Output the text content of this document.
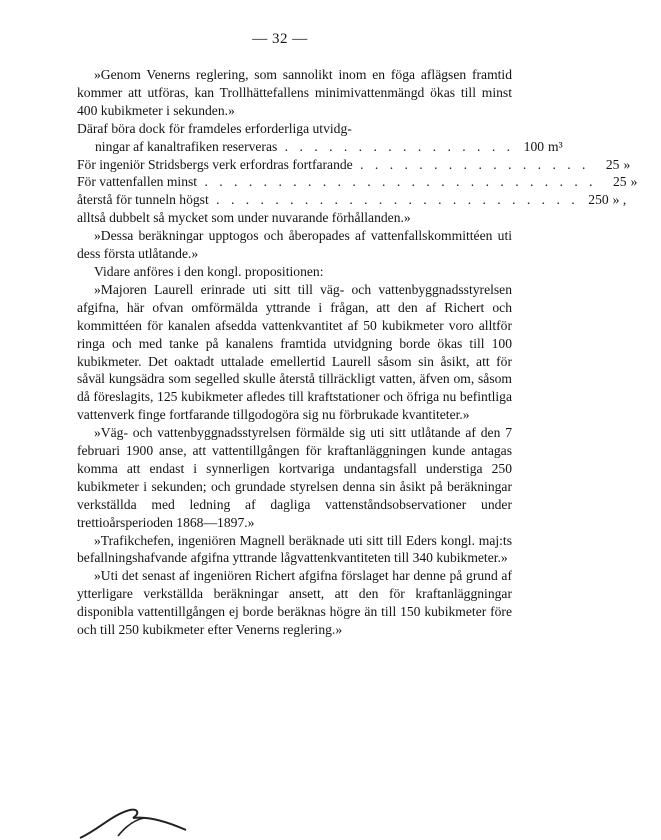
— 32 —

»Genom Venerns reglering, som sannolikt inom en föga aflägsen framtid kommer att utföras, kan Trollhättefallens minimivattenmängd ökas till minst 400 kubikmeter i sekunden.»

Däraf böra dock för framdeles erforderliga utvidg-

ningar af kanaltrafiken reserveras . . . . . . . . . . . . . . . . 100 m³
För ingeniör Stridsbergs verk erfordras fortfarande . . . . . . . . . . . . . . . .	25 »
För vattenfallen minst . . . . . . . . . . . . . . . . . . . . . . . . . . .	25 »
återstå för tunneln högst . . . . . . . . . . . . . . . . . . . . . . . . . 250 » ,

alltså dubbelt så mycket som under nuvarande förhållanden.»

»Dessa beräkningar upptogos och åberopades af vattenfallskommittéen uti dess första utlåtande.»

Vidare anföres i den kongl. propositionen:

»Majoren Laurell erinrade uti sitt till väg- och vattenbyggnadsstyrelsen afgifna, här ofvan omförmälda yttrande i frågan, att den af Richert och kommittéen för kanalen afsedda vattenkvantitet af 50 kubikmeter voro alltför ringa och med tanke på kanalens framtida utvidgning borde ökas till 100 kubikmeter. Det oaktadt uttalade emellertid Laurell såsom sin åsikt, att för såväl kungsädra som segelled skulle återstå tillräckligt vatten, äfven om, såsom då föreslagits, 125 kubikmeter afledes till kraftstationer och öfriga nu befintliga vattenverk finge fortfarande tillgodogöra sig nu förbrukade kvantiteter.»

»Väg- och vattenbyggnadsstyrelsen förmälde sig uti sitt utlåtande af den 7 februari 1900 anse, att vattentillgången för kraftanläggningen kunde antagas komma att endast i synnerligen kortvariga undantagsfall understiga 250 kubikmeter i sekunden; och grundade styrelsen denna sin åsikt på beräkningar verkställda med ledning af dagliga vattenståndsobservationer under trettioårsperioden 1868—1897.»

»Trafikchefen, ingeniören Magnell beräknade uti sitt till Eders kongl. maj:ts befallningshafvande afgifna yttrande lågvattenkvantiteten till 340 kubikmeter.»

»Uti det senast af ingeniören Richert afgifna förslaget har denne på grund af ytterligare verkställda beräkningar ansett, att den för kraftanläggningar disponibla vattentillgången ej borde beräknas högre än till 150 kubikmeter före och till 250 kubikmeter efter Venerns reglering.»
